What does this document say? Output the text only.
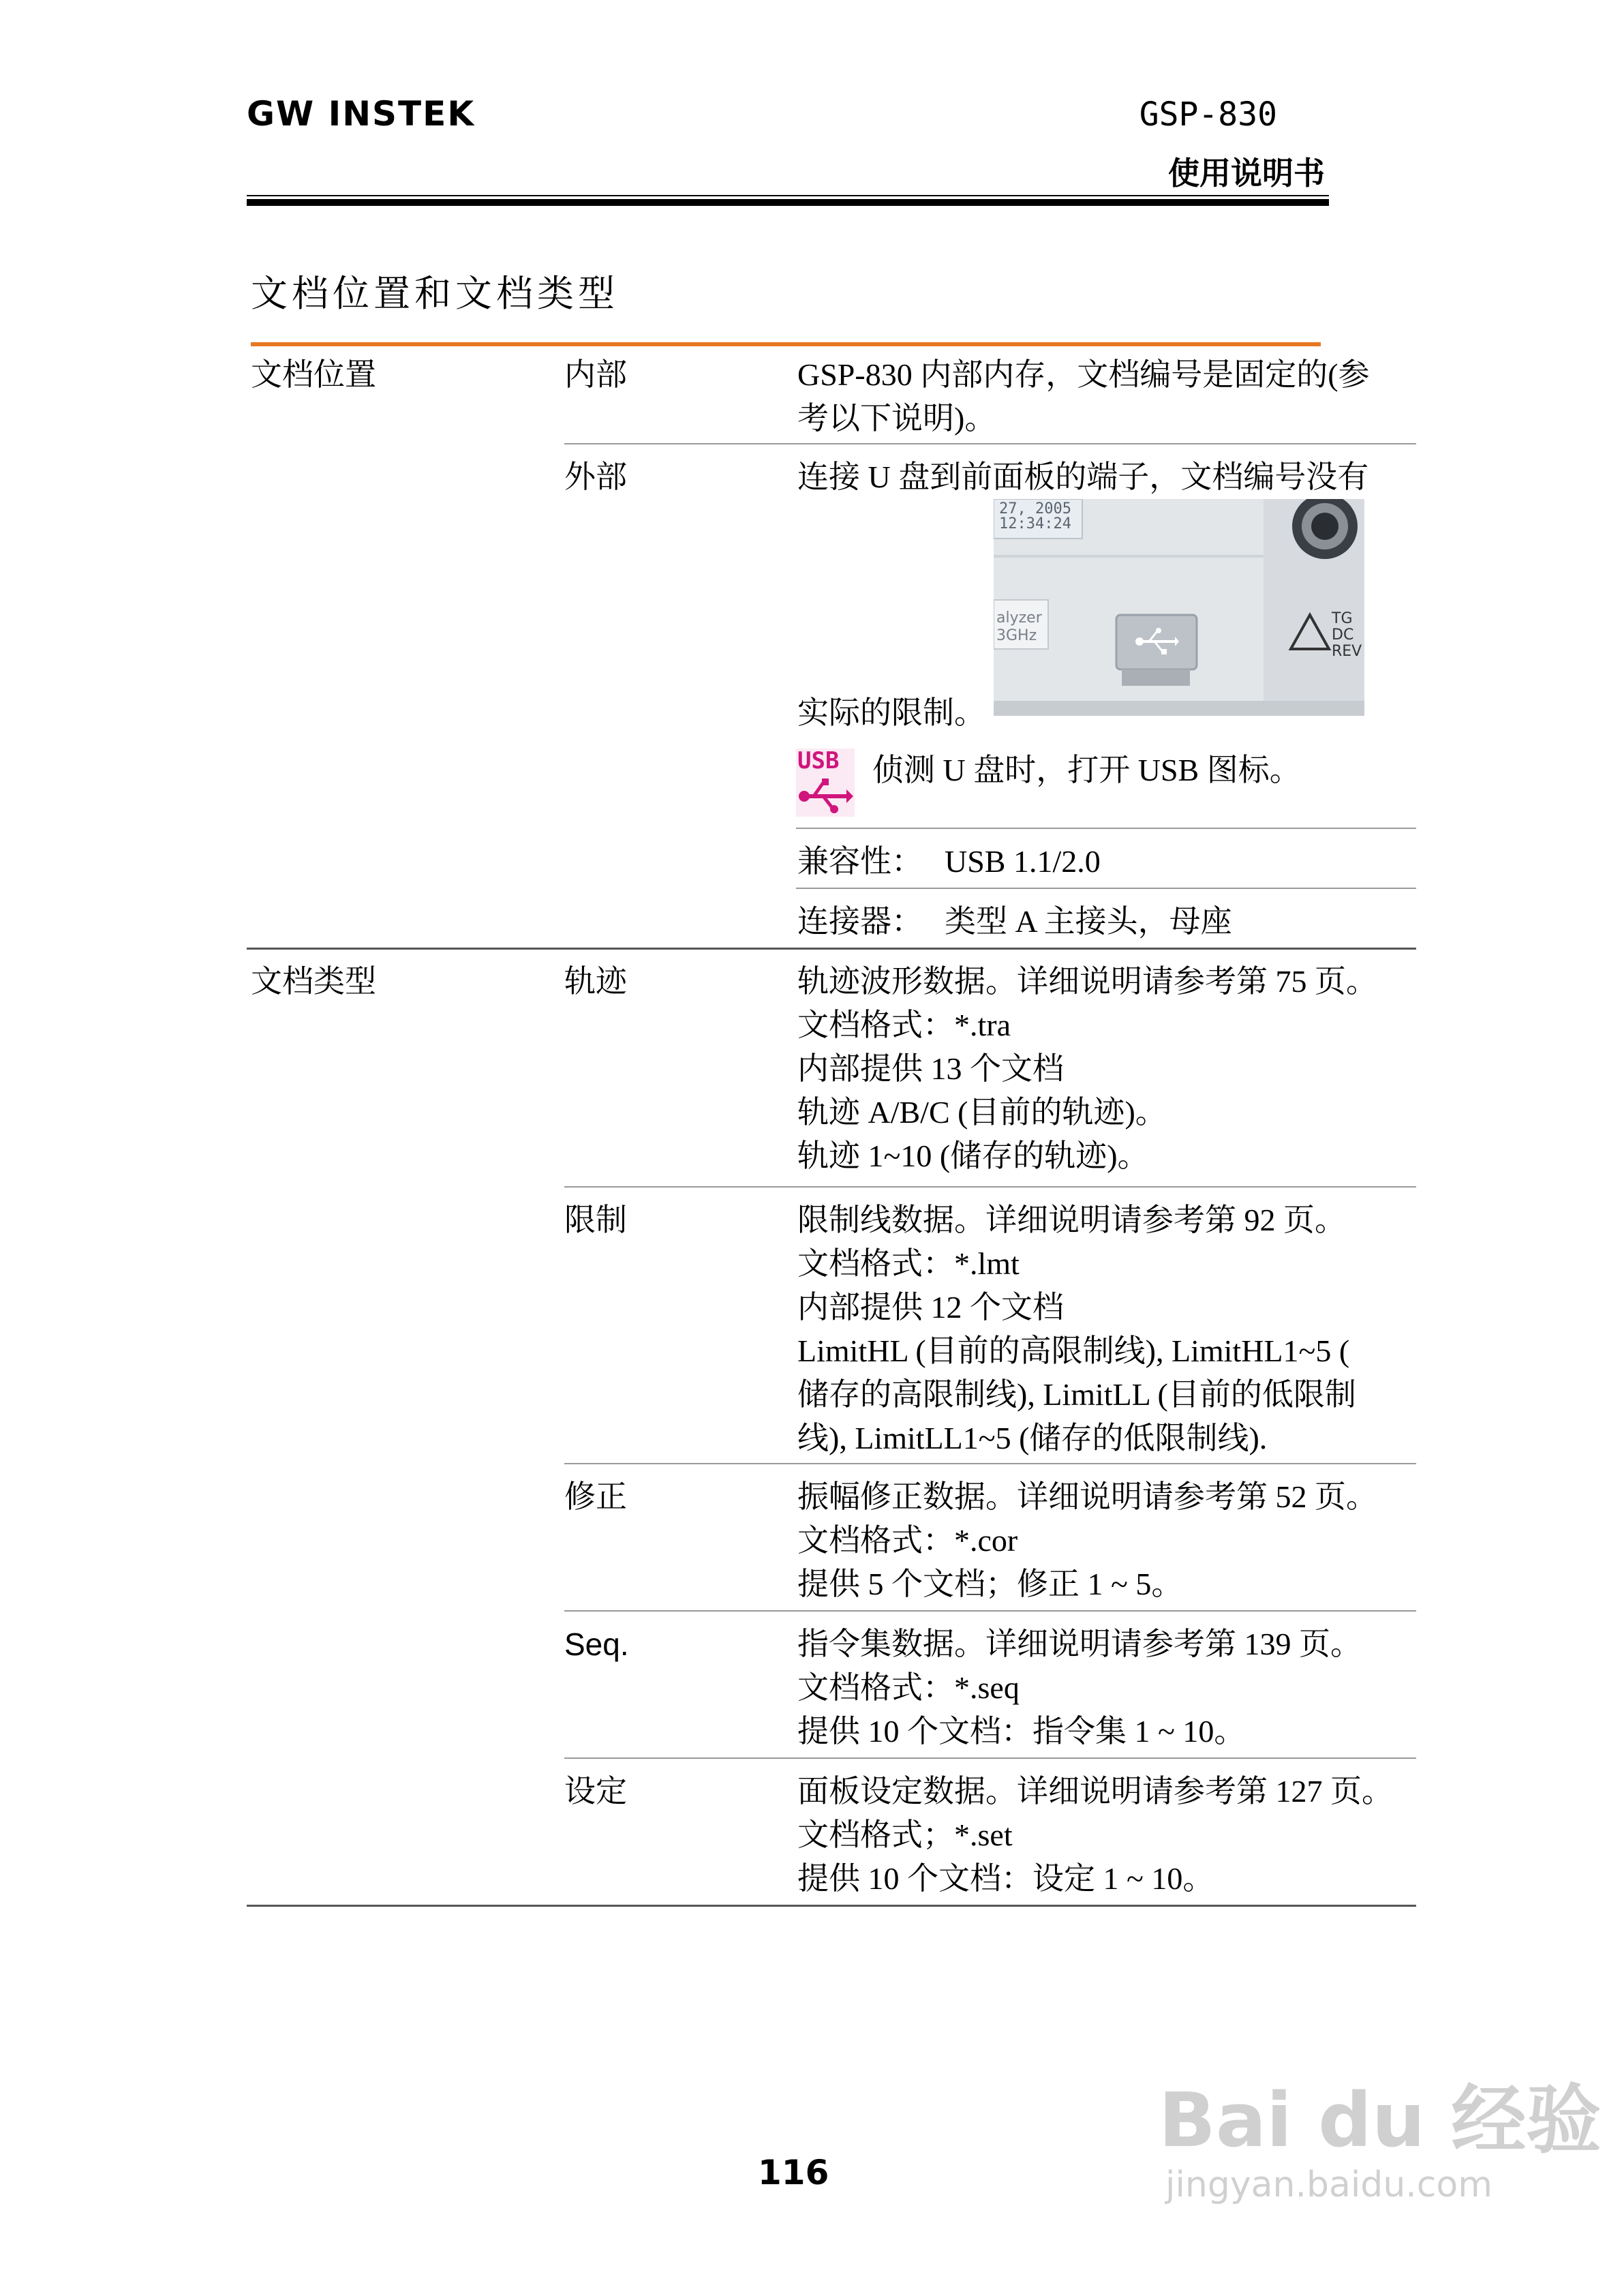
GW INSTEK	GSP-830
使用说明书
文档位置和文档类型
文档位置	内部	GSP-830 内部内存，文档编号是固定的(参
考以下说明)。
外部	连接 U 盘到前面板的端子，文档编号没有
27, 2005
12:34:24
alyzer
3GHz
TG
DC
REV
实际的限制。
USB 侦测 U 盘时，打开 USB 图标。
兼容性： USB 1.1/2.0
连接器： 类型 A 主接头，母座
文档类型	轨迹	轨迹波形数据。详细说明请参考第 75 页。
文档格式：*.tra
内部提供 13 个文档
轨迹 A/B/C (目前的轨迹)。
轨迹 1~10 (储存的轨迹)。
限制	限制线数据。详细说明请参考第 92 页。
文档格式：*.lmt
内部提供 12 个文档
LimitHL (目前的高限制线), LimitHL1~5 (
储存的高限制线), LimitLL (目前的低限制
线), LimitLL1~5 (储存的低限制线).
修正	振幅修正数据。详细说明请参考第 52 页。
文档格式：*.cor
提供 5 个文档；修正 1 ~ 5。
Seq.	指令集数据。详细说明请参考第 139 页。
文档格式：*.seq
提供 10 个文档：指令集 1 ~ 10。
设定	面板设定数据。详细说明请参考第 127 页。
文档格式；*.set
提供 10 个文档：设定 1 ~ 10。
116
Bai du 经验
jingyan.baidu.com
